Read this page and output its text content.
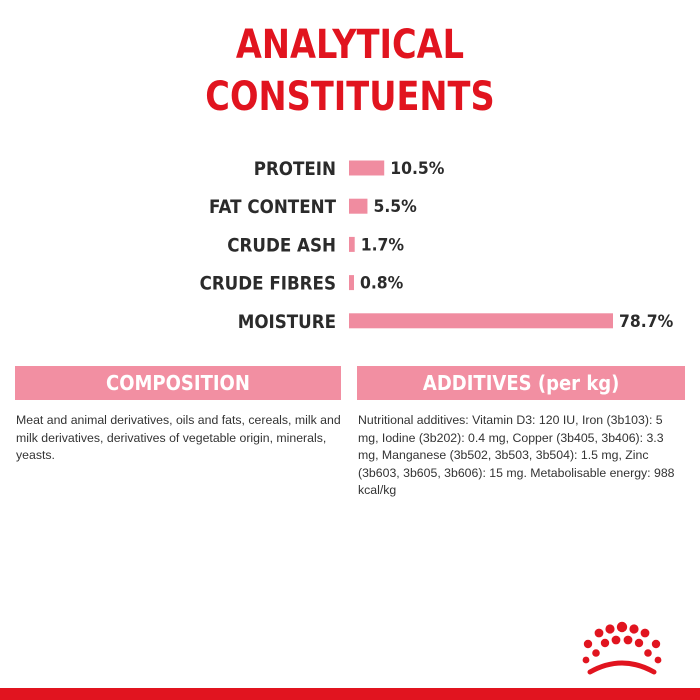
ANALYTICAL
CONSTITUENTS
PROTEIN	10.5%
FAT CONTENT 5.5%
CRUDE ASH 1.7%
CRUDE FIBRES 0.8%
MOISTURE	78.7%
COMPOSITION
Meat and animal derivatives, oils and fats, cereals, milk and milk derivatives, derivatives of vegetable origin, minerals, yeasts.
ADDITIVES (per kg)
Nutritional additives: Vitamin D3: 120 IU, Iron (3b103): 5 mg, Iodine (3b202): 0.4 mg, Copper (3b405, 3b406): 3.3 mg, Manganese (3b502, 3b503, 3b504): 1.5 mg, Zinc (3b603, 3b605, 3b606): 15 mg. Metabolisable energy: 988 kcal/kg
